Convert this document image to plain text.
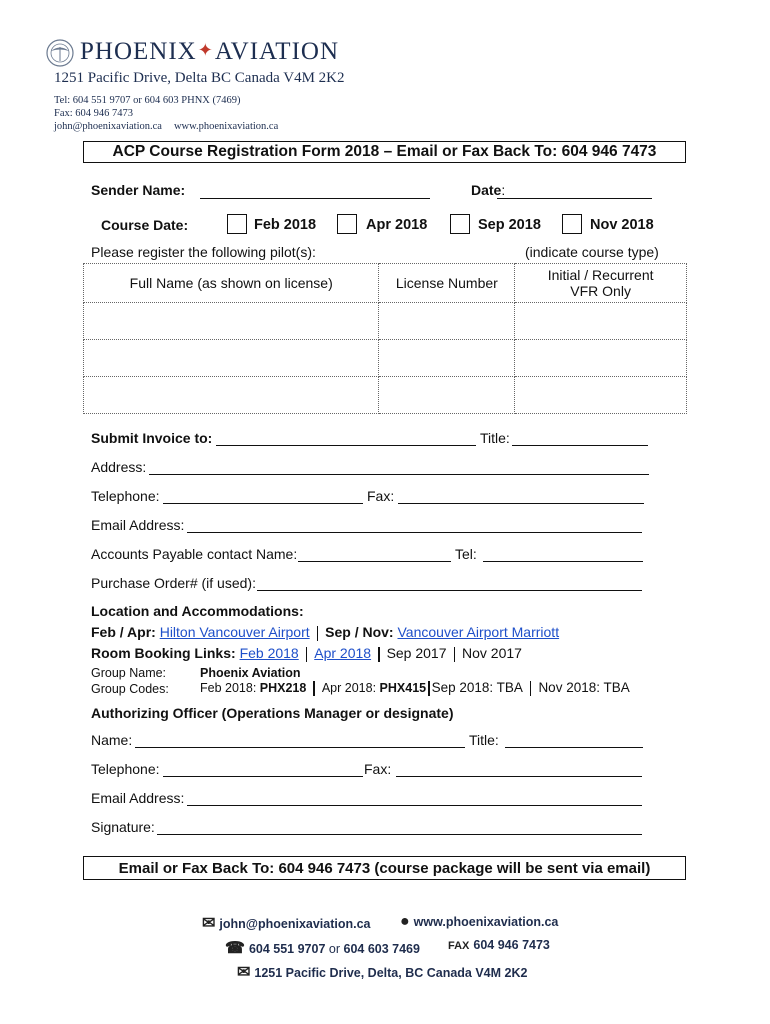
PHOENIX✦AVIATION
1251 Pacific Drive, Delta BC Canada V4M 2K2
Tel: 604 551 9707 or 604 603 PHNX (7469)
Fax: 604 946 7473
john@phoenixaviation.ca www.phoenixaviation.ca
ACP Course Registration Form 2018 – Email or Fax Back To: 604 946 7473
Sender Name:	Date:
Course Date:	Feb 2018	Apr 2018	Sep 2018	Nov 2018
Please register the following pilot(s):	(indicate course type)
Full Name (as shown on license)	License Number	Initial / Recurrent
VFR Only

Submit Invoice to:	Title:
Address:
Telephone:	Fax:
Email Address:
Accounts Payable contact Name:	Tel:
Purchase Order# (if used):
Location and Accommodations:
Feb / Apr: Hilton Vancouver Airport Sep / Nov: Vancouver Airport Marriott
Room Booking Links: Feb 2018 Apr 2018 Sep 2017 Nov 2017
Group Name:	Phoenix Aviation
Group Codes: Feb 2018: PHX218 Apr 2018: PHX415 Sep 2018: TBA Nov 2018: TBA
Authorizing Officer (Operations Manager or designate)
Name:	Title:
Telephone:	Fax:
Email Address:
Signature:
Email or Fax Back To: 604 946 7473 (course package will be sent via email)
✉ john@phoenixaviation.ca ● www.phoenixaviation.ca
☎ 604 551 9707 or 604 603 7469	FAX 604 946 7473
✉ 1251 Pacific Drive, Delta, BC Canada V4M 2K2
